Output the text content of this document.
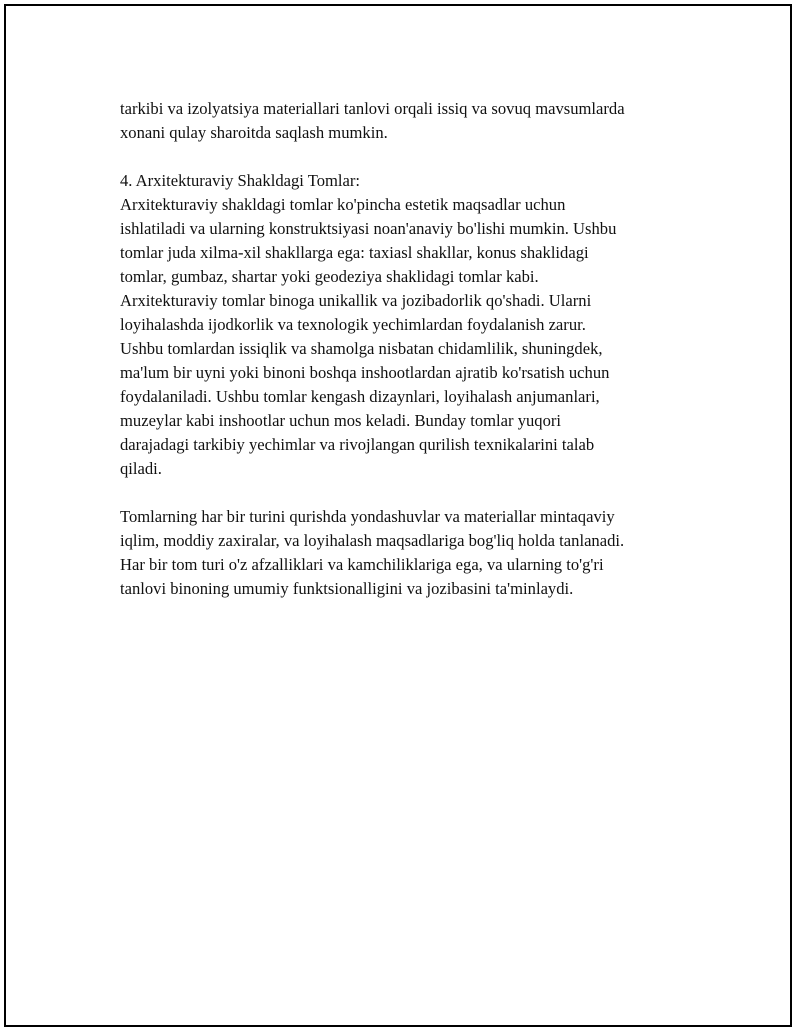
tarkibi va izolyatsiya materiallari tanlovi orqali issiq va sovuq mavsumlarda

xonani qulay sharoitda saqlash mumkin.

4. Arxitekturaviy Shakldagi Tomlar:

Arxitekturaviy shakldagi tomlar ko'pincha estetik maqsadlar uchun

ishlatiladi va ularning konstruktsiyasi noan'anaviy bo'lishi mumkin. Ushbu

tomlar juda xilma-xil shakllarga ega: taxiasl shakllar, konus shaklidagi

tomlar, gumbaz, shartar yoki geodeziya shaklidagi tomlar kabi.

Arxitekturaviy tomlar binoga unikallik va jozibadorlik qo'shadi. Ularni

loyihalashda ijodkorlik va texnologik yechimlardan foydalanish zarur.

Ushbu tomlardan issiqlik va shamolga nisbatan chidamlilik, shuningdek,

ma'lum bir uyni yoki binoni boshqa inshootlardan ajratib ko'rsatish uchun

foydalaniladi. Ushbu tomlar kengash dizaynlari, loyihalash anjumanlari,

muzeylar kabi inshootlar uchun mos keladi. Bunday tomlar yuqori

darajadagi tarkibiy yechimlar va rivojlangan qurilish texnikalarini talab

qiladi.

Tomlarning har bir turini qurishda yondashuvlar va materiallar mintaqaviy

iqlim, moddiy zaxiralar, va loyihalash maqsadlariga bog'liq holda tanlanadi.

Har bir tom turi o'z afzalliklari va kamchiliklariga ega, va ularning to'g'ri

tanlovi binoning umumiy funktsionalligini va jozibasini ta'minlaydi.
